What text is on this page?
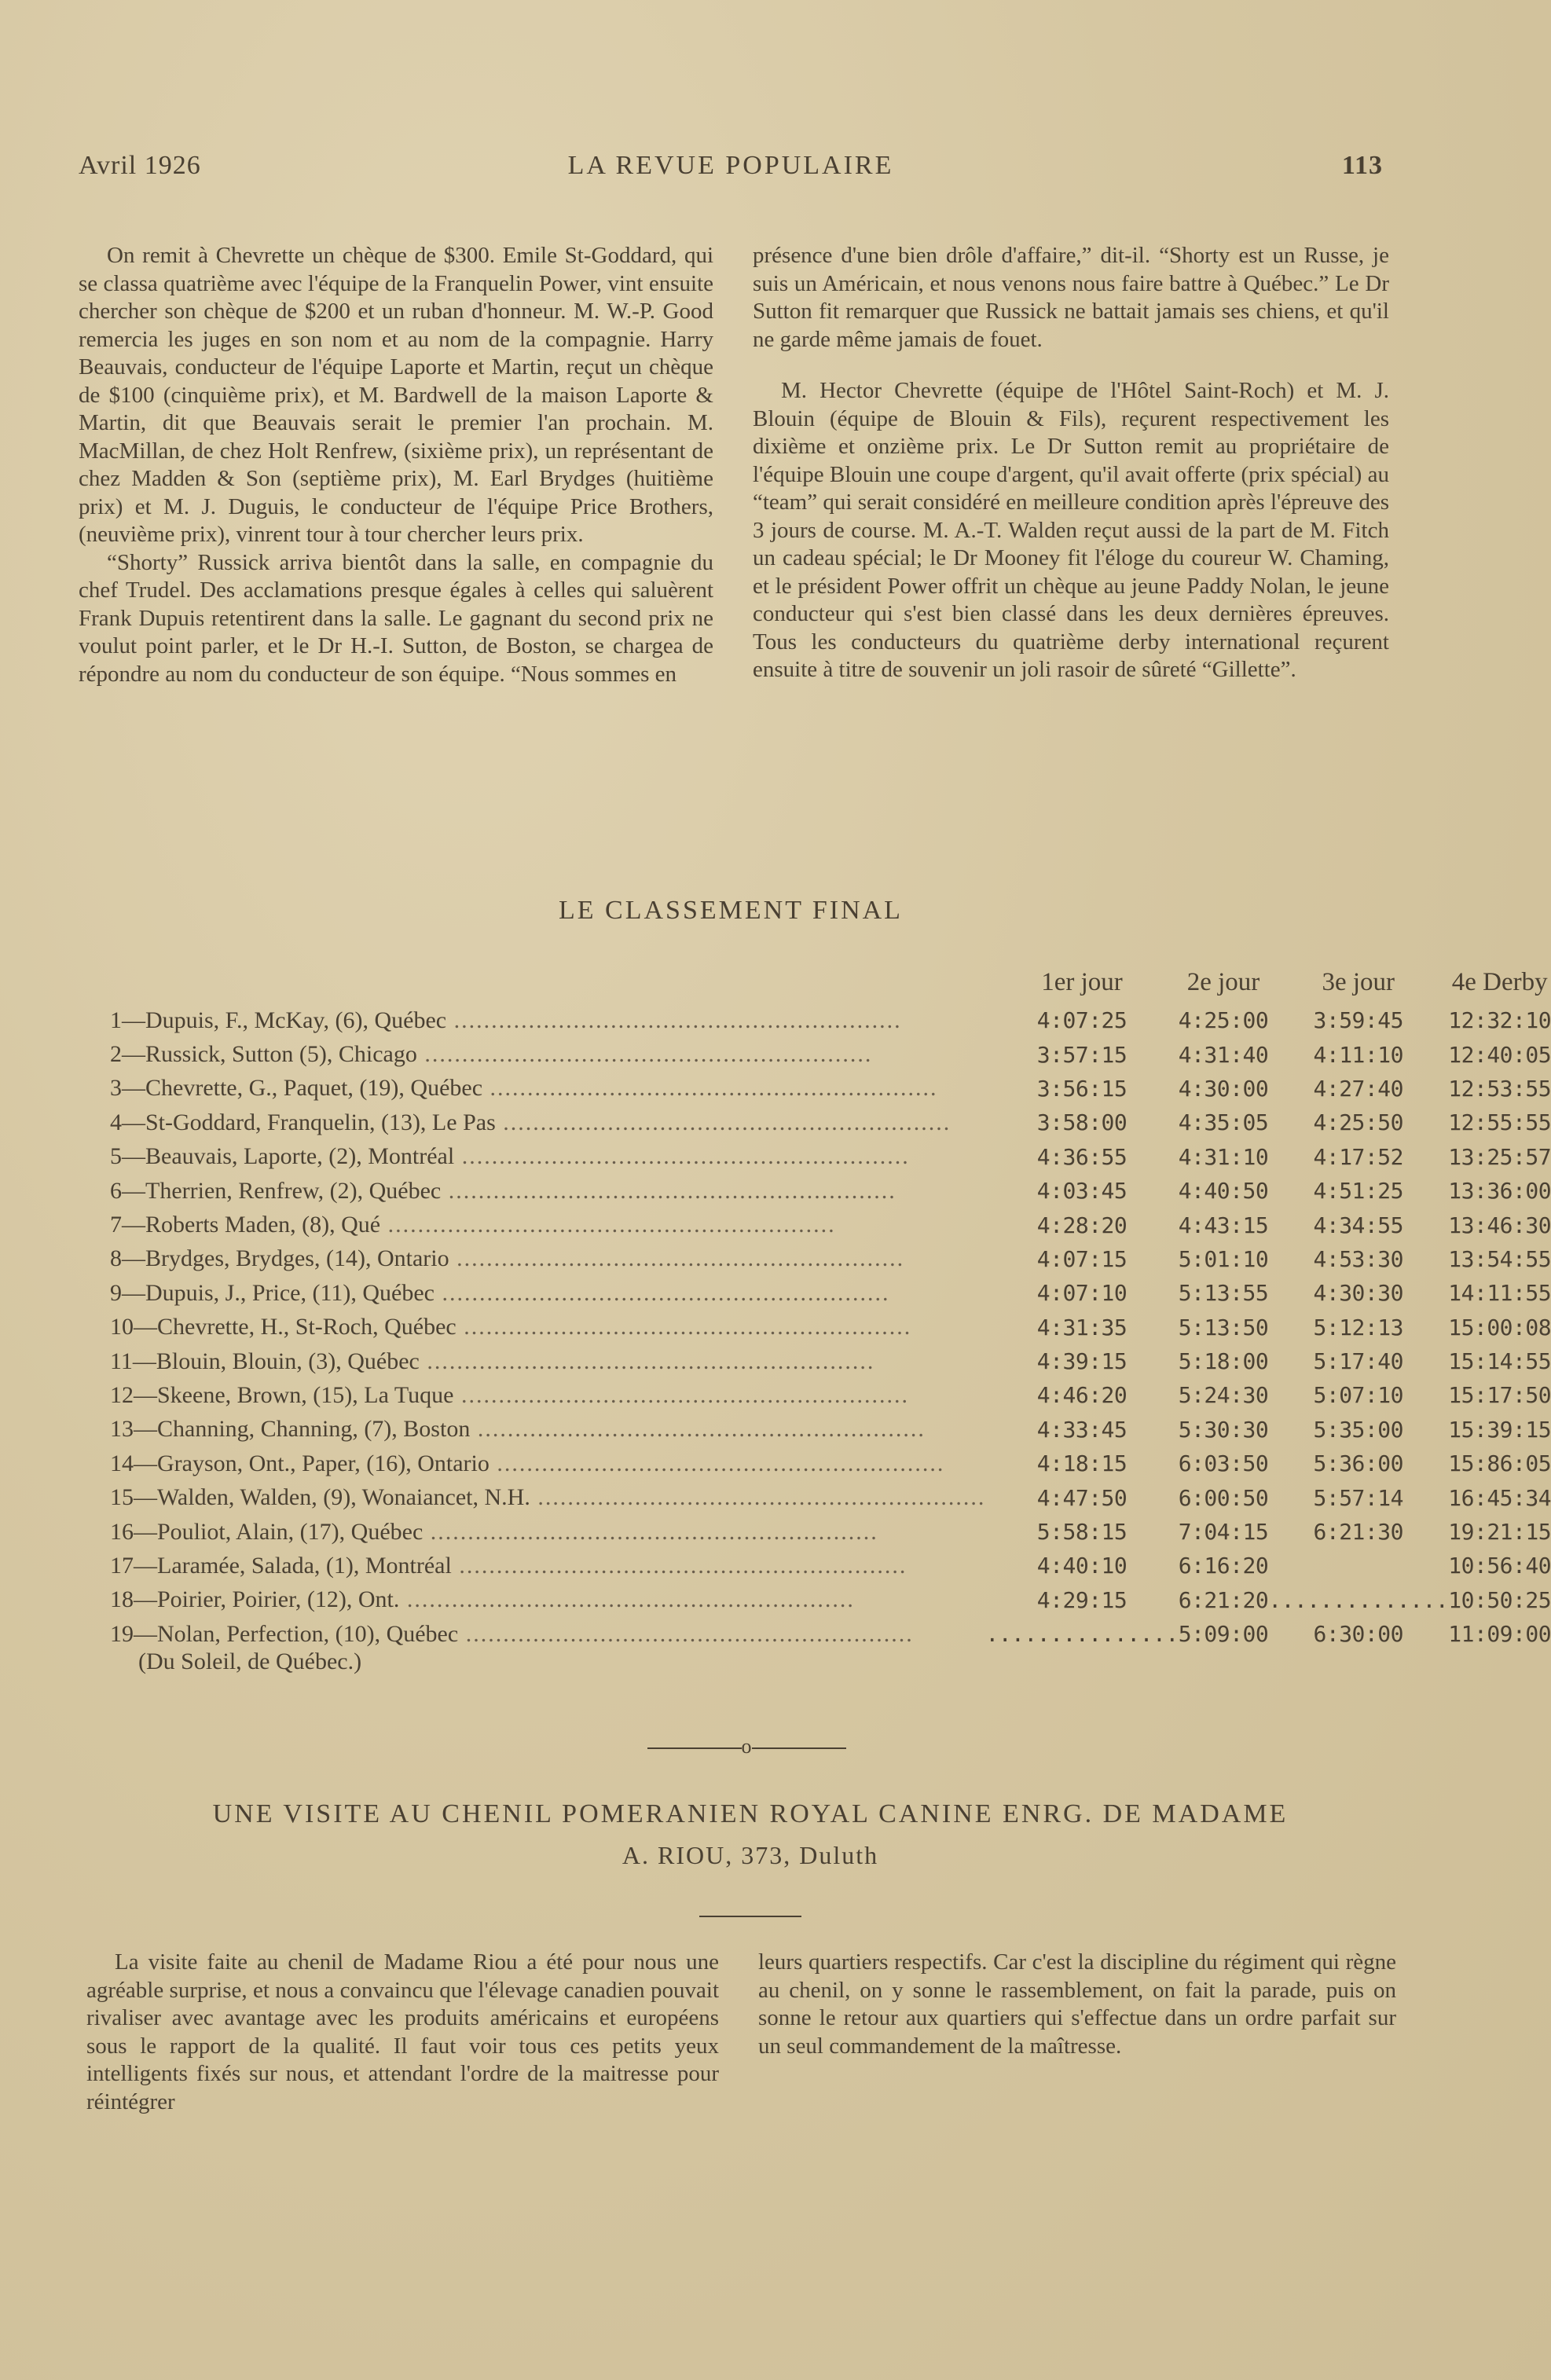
Avril 1926	LA REVUE POPULAIRE	113

On remit à Chevrette un chèque de $300. Emile St-Goddard, qui se classa quatrième avec l'équipe de la Franquelin Power, vint ensuite chercher son chèque de $200 et un ruban d'honneur. M. W.-P. Good remercia les juges en son nom et au nom de la compagnie. Harry Beauvais, conducteur de l'équipe Laporte et Martin, reçut un chèque de $100 (cinquième prix), et M. Bardwell de la maison Laporte & Martin, dit que Beauvais serait le premier l'an prochain. M. MacMillan, de chez Holt Renfrew, (sixième prix), un représentant de chez Madden & Son (septième prix), M. Earl Brydges (huitième prix) et M. J. Duguis, le conducteur de l'équipe Price Brothers, (neuvième prix), vinrent tour à tour chercher leurs prix.

“Shorty” Russick arriva bientôt dans la salle, en compagnie du chef Trudel. Des acclamations presque égales à celles qui saluèrent Frank Dupuis retentirent dans la salle. Le gagnant du second prix ne voulut point parler, et le Dr H.-I. Sutton, de Boston, se chargea de répondre au nom du conducteur de son équipe. “Nous sommes en

présence d'une bien drôle d'affaire,” dit-il. “Shorty est un Russe, je suis un Américain, et nous venons nous faire battre à Québec.” Le Dr Sutton fit remarquer que Russick ne battait jamais ses chiens, et qu'il ne garde même jamais de fouet.

M. Hector Chevrette (équipe de l'Hôtel Saint-Roch) et M. J. Blouin (équipe de Blouin & Fils), reçurent respectivement les dixième et onzième prix. Le Dr Sutton remit au propriétaire de l'équipe Blouin une coupe d'argent, qu'il avait offerte (prix spécial) au “team” qui serait considéré en meilleure condition après l'épreuve des 3 jours de course. M. A.-T. Walden reçut aussi de la part de M. Fitch un cadeau spécial; le Dr Mooney fit l'éloge du coureur W. Chaming, et le président Power offrit un chèque au jeune Paddy Nolan, le jeune conducteur qui s'est bien classé dans les deux dernières épreuves. Tous les conducteurs du quatrième derby international reçurent ensuite à titre de souvenir un joli rasoir de sûreté “Gillette”.

LE CLASSEMENT FINAL
	1er jour	2e jour	3e jour	4e Derby
1—Dupuis, F., McKay, (6), Québec ............................................................	4:07:25	4:25:00	3:59:45	12:32:10
2—Russick, Sutton (5), Chicago ............................................................	3:57:15	4:31:40	4:11:10	12:40:05
3—Chevrette, G., Paquet, (19), Québec ............................................................	3:56:15	4:30:00	4:27:40	12:53:55
4—St-Goddard, Franquelin, (13), Le Pas ............................................................	3:58:00	4:35:05	4:25:50	12:55:55
5—Beauvais, Laporte, (2), Montréal ............................................................	4:36:55	4:31:10	4:17:52	13:25:57
6—Therrien, Renfrew, (2), Québec ............................................................	4:03:45	4:40:50	4:51:25	13:36:00
7—Roberts Maden, (8), Qué ............................................................	4:28:20	4:43:15	4:34:55	13:46:30
8—Brydges, Brydges, (14), Ontario ............................................................	4:07:15	5:01:10	4:53:30	13:54:55
9—Dupuis, J., Price, (11), Québec ............................................................	4:07:10	5:13:55	4:30:30	14:11:55
10—Chevrette, H., St-Roch, Québec ............................................................	4:31:35	5:13:50	5:12:13	15:00:08
11—Blouin, Blouin, (3), Québec ............................................................	4:39:15	5:18:00	5:17:40	15:14:55
12—Skeene, Brown, (15), La Tuque ............................................................	4:46:20	5:24:30	5:07:10	15:17:50
13—Channing, Channing, (7), Boston ............................................................	4:33:45	5:30:30	5:35:00	15:39:15
14—Grayson, Ont., Paper, (16), Ontario ............................................................	4:18:15	6:03:50	5:36:00	15:86:05
15—Walden, Walden, (9), Wonaiancet, N.H. ............................................................	4:47:50	6:00:50	5:57:14	16:45:34
16—Pouliot, Alain, (17), Québec ............................................................	5:58:15	7:04:15	6:21:30	19:21:15
17—Laramée, Salada, (1), Montréal ............................................................	4:40:10	6:16:20		10:56:40
18—Poirier, Poirier, (12), Ont. ............................................................	4:29:15	6:21:20	..............	10:50:25
19—Nolan, Perfection, (10), Québec ............................................................	...............	5:09:00	6:30:00	11:09:00
(Du Soleil, de Québec.)
o
UNE VISITE AU CHENIL POMERANIEN ROYAL CANINE ENRG. DE MADAME
A. RIOU, 373, Duluth

La visite faite au chenil de Madame Riou a été pour nous une agréable surprise, et nous a convaincu que l'élevage canadien pouvait rivaliser avec avantage avec les produits américains et européens sous le rapport de la qualité. Il faut voir tous ces petits yeux intelligents fixés sur nous, et attendant l'ordre de la maitresse pour réintégrer

leurs quartiers respectifs. Car c'est la discipline du régiment qui règne au chenil, on y sonne le rassemblement, on fait la parade, puis on sonne le retour aux quartiers qui s'effectue dans un ordre parfait sur un seul commandement de la maîtresse.
